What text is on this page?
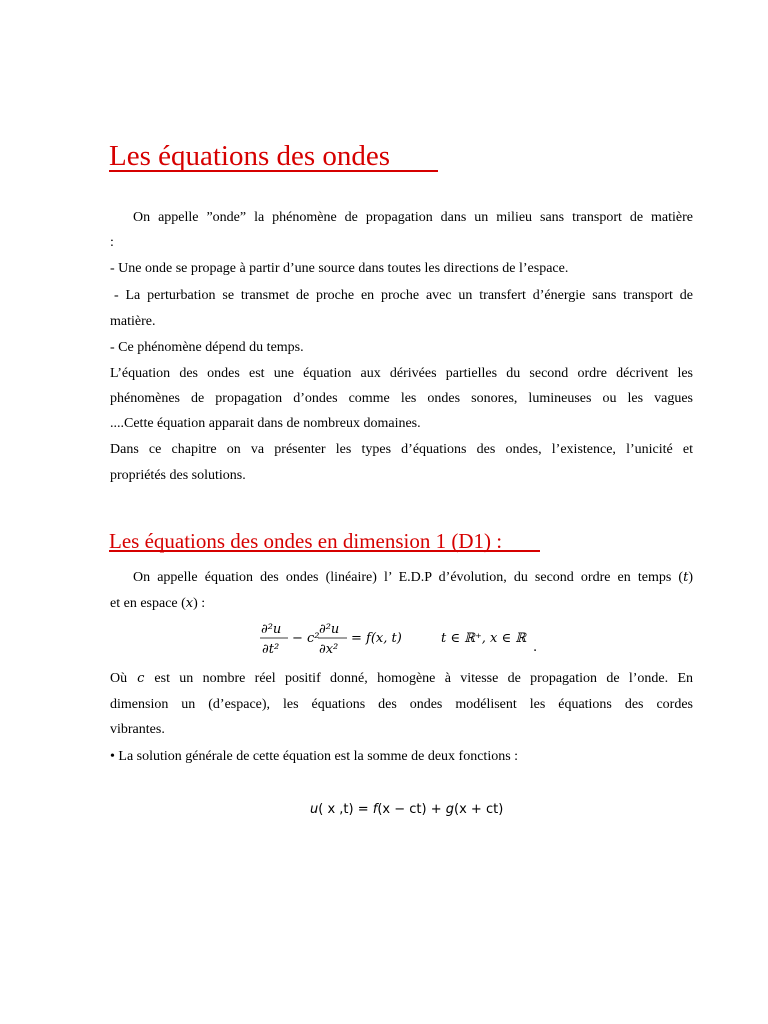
Les équations des ondes

On appelle ”onde” la phénomène de propagation dans un milieu sans transport de matière

:

- Une onde se propage à partir d’une source dans toutes les directions de l’espace.

- La perturbation se transmet de proche en proche avec un transfert d’énergie sans transport de

matière.

- Ce phénomène dépend du temps.

L’équation des ondes est une équation aux dérivées partielles du second ordre décrivent les

phénomènes de propagation d’ondes comme les ondes sonores, lumineuses ou les vagues

....Cette équation apparait dans de nombreux domaines.

Dans ce chapitre on va présenter les types d’équations des ondes, l’existence, l’unicité et

propriétés des solutions.

Les équations des ondes en dimension 1 (D1) :

On appelle équation des ondes (linéaire) l’ E.D.P d’évolution, du second ordre en temps (t)

et en espace (x) :

∂²u
∂t²
− c²
∂²u
∂x²
= f(x, t)	t ∈ ℝ⁺, x ∈ ℝ
.

Où c est un nombre réel positif donné, homogène à vitesse de propagation de l’onde. En

dimension un (d’espace), les équations des ondes modélisent les équations des cordes

vibrantes.

• La solution générale de cette équation est la somme de deux fonctions :

u( x ,t) = f(x − ct) + g(x + ct)
